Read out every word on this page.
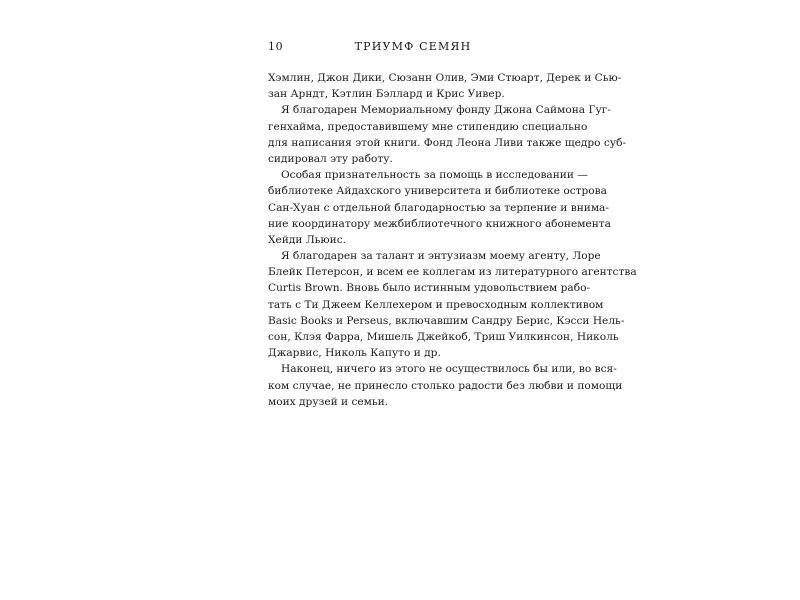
10	ТРИУМФ СЕМЯН
Хэмлин, Джон Дики, Сюзанн Олив, Эми Стюарт, Дерек и Сью-
зан Арндт, Кэтлин Бэллард и Крис Уивер.
Я благодарен Мемориальному фонду Джона Саймона Гуг-
генхайма, предоставившему мне стипендию специально
для написания этой книги. Фонд Леона Ливи также щедро суб-
сидировал эту работу.
Особая признательность за помощь в исследовании —
библиотеке Айдахского университета и библиотеке острова
Сан-Хуан с отдельной благодарностью за терпение и внима-
ние координатору межбиблиотечного книжного абонемента
Хейди Льюис.
Я благодарен за талант и энтузиазм моему агенту, Лоре
Блейк Петерсон, и всем ее коллегам из литературного агентства
Curtis Brown. Вновь было истинным удовольствием рабо-
тать с Ти Джеем Келлехером и превосходным коллективом
Basic Books и Perseus, включавшим Сандру Берис, Кэсси Нель-
сон, Клэя Фарра, Мишель Джейкоб, Триш Уилкинсон, Николь
Джарвис, Николь Капуто и др.
Наконец, ничего из этого не осуществилось бы или, во вся-
ком случае, не принесло столько радости без любви и помощи
моих друзей и семьи.
